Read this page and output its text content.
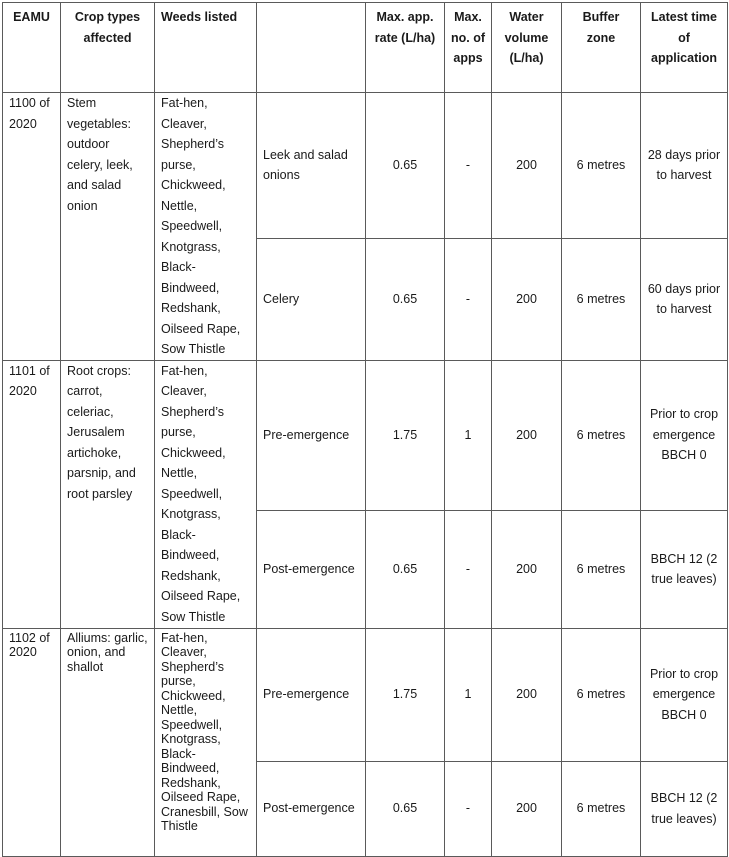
EAMU	Crop types affected	Weeds listed		Max. app. rate (L/ha)	Max. no. of apps	Water volume (L/ha)	Buffer zone	Latest time of application
1100 of 2020	Stem vegetables: outdoor celery, leek, and salad onion	Fat-hen, Cleaver, Shepherd’s purse, Chickweed, Nettle, Speedwell, Knotgrass, Black-Bindweed, Redshank, Oilseed Rape, Sow Thistle	Leek and salad onions	0.65	-	200	6 metres	28 days prior to harvest
			Celery	0.65	-	200	6 metres	60 days prior to harvest
1101 of 2020	Root crops: carrot, celeriac, Jerusalem artichoke, parsnip, and root parsley	Fat-hen, Cleaver, Shepherd’s purse, Chickweed, Nettle, Speedwell, Knotgrass, Black-Bindweed, Redshank, Oilseed Rape, Sow Thistle	Pre-emergence	1.75	1	200	6 metres	Prior to crop emergence BBCH 0
			Post-emergence	0.65	-	200	6 metres	BBCH 12 (2 true leaves)
1102 of 2020	Alliums: garlic, onion, and shallot	Fat-hen, Cleaver, Shepherd’s purse, Chickweed, Nettle, Speedwell, Knotgrass, Black-Bindweed, Redshank, Oilseed Rape, Cranesbill, Sow Thistle	Pre-emergence	1.75	1	200	6 metres	Prior to crop emergence BBCH 0
			Post-emergence	0.65	-	200	6 metres	BBCH 12 (2 true leaves)
